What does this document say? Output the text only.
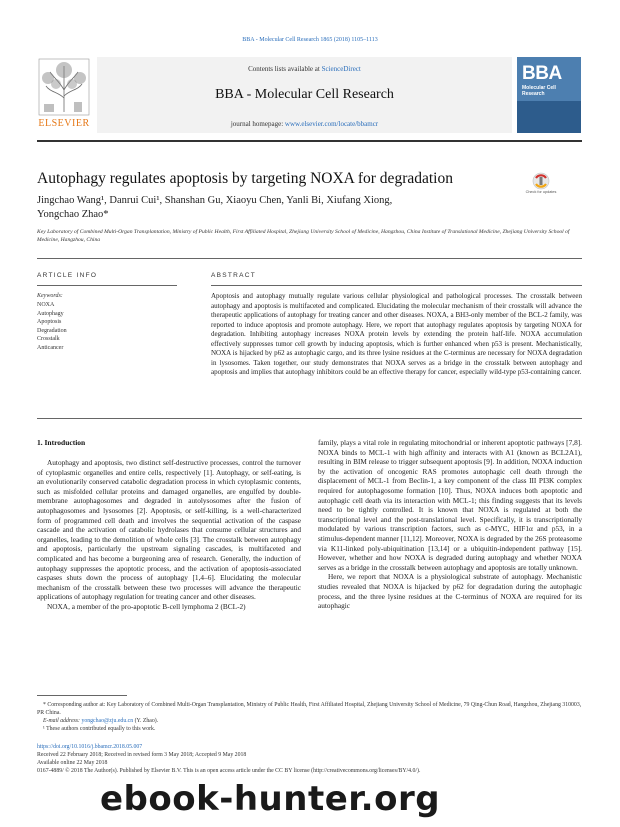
BBA - Molecular Cell Research 1865 (2018) 1105–1113
ELSEVIER
Contents lists available at ScienceDirect
BBA - Molecular Cell Research
journal homepage: www.elsevier.com/locate/bbamcr
BBA
Molecular Cell Research
Autophagy regulates apoptosis by targeting NOXA for degradation
Check for updates
Jingchao Wang¹, Danrui Cui¹, Shanshan Gu, Xiaoyu Chen, Yanli Bi, Xiufang Xiong,
Yongchao Zhao*
Key Laboratory of Combined Multi-Organ Transplantation, Ministry of Public Health, First Affiliated Hospital, Zhejiang University School of Medicine, Hangzhou, China Institute of Translational Medicine, Zhejiang University School of Medicine, Hangzhou, China
ARTICLE INFO
Keywords:
NOXA
Autophagy
Apoptosis
Degradation
Crosstalk
Anticancer
ABSTRACT
Apoptosis and autophagy mutually regulate various cellular physiological and pathological processes. The crosstalk between autophagy and apoptosis is multifaceted and complicated. Elucidating the molecular mechanism of their crosstalk will advance the therapeutic applications of autophagy for treating cancer and other diseases. NOXA, a BH3-only member of the BCL-2 family, was reported to induce apoptosis and promote autophagy. Here, we report that autophagy regulates apoptosis by targeting NOXA for degradation. Inhibiting autophagy increases NOXA protein levels by extending the protein half-life. NOXA accumulation effectively suppresses tumor cell growth by inducing apoptosis, which is further enhanced when p53 is present. Mechanistically, NOXA is hijacked by p62 as autophagic cargo, and its three lysine residues at the C-terminus are necessary for NOXA degradation in lysosomes. Taken together, our study demonstrates that NOXA serves as a bridge in the crosstalk between autophagy and apoptosis and implies that autophagy inhibitors could be an effective therapy for cancer, especially wild-type p53-containing cancer.
1. Introduction

Autophagy and apoptosis, two distinct self-destructive processes, control the turnover of cytoplasmic organelles and entire cells, respectively [1]. Autophagy, or self-eating, is an evolutionarily conserved catabolic degradation process in which cytoplasmic contents, such as misfolded cellular proteins and damaged organelles, are engulfed by double-membrane autophagosomes and degraded in autolysosomes after the fusion of autophagosomes and lysosomes [2]. Apoptosis, or self-killing, is a well-characterized form of programmed cell death and involves the sequential activation of the caspase cascade and the activation of catabolic hydrolases that consume cellular structures and organelles, leading to the demolition of whole cells [3]. The crosstalk between autophagy and apoptosis, particularly the upstream signaling cascades, is multifaceted and complicated and has become a burgeoning area of research. Generally, the induction of autophagy suppresses the apoptotic process, and the activation of apoptosis-associated caspases shuts down the process of autophagy [1,4–6]. Elucidating the molecular mechanism of the crosstalk between these two processes will advance the therapeutic applications of autophagy regulation for treating cancer and other diseases.

NOXA, a member of the pro-apoptotic B-cell lymphoma 2 (BCL-2)

family, plays a vital role in regulating mitochondrial or inherent apoptotic pathways [7,8]. NOXA binds to MCL-1 with high affinity and interacts with A1 (known as BCL2A1), resulting in BIM release to trigger subsequent apoptosis [9]. In addition, NOXA induction by the activation of oncogenic RAS promotes autophagic cell death through the displacement of MCL-1 from Beclin-1, a key component of the class III PI3K complex required for autophagosome formation [10]. Thus, NOXA induces both apoptotic and autophagic cell death via its interaction with MCL-1; this finding suggests that its levels need to be tightly controlled. It is known that NOXA is regulated at both the transcriptional level and the post-translational level. Specifically, it is transcriptionally modulated by various transcription factors, such as c-MYC, HIF1α and p53, in a stimulus-dependent manner [11,12]. Moreover, NOXA is degraded by the 26S proteasome via K11-linked poly-ubiquitination [13,14] or a ubiquitin-independent pathway [15]. However, whether and how NOXA is degraded during autophagy and whether NOXA serves as a bridge in the crosstalk between autophagy and apoptosis are totally unknown.

Here, we report that NOXA is a physiological substrate of autophagy. Mechanistic studies revealed that NOXA is hijacked by p62 for degradation during the autophagic process, and the three lysine residues at the C-terminus of NOXA are required for its autophagic

* Corresponding author at: Key Laboratory of Combined Multi-Organ Transplantation, Ministry of Public Health, First Affiliated Hospital, Zhejiang University School of Medicine, 79 Qing-Chun Road, Hangzhou, Zhejiang 310003, PR China.

E-mail address: yongchao@zju.edu.cn (Y. Zhao).

¹ These authors contributed equally to this work.

https://doi.org/10.1016/j.bbamcr.2018.05.007
Received 22 February 2018; Received in revised form 3 May 2018; Accepted 9 May 2018
Available online 22 May 2018
0167-4889/ © 2018 The Author(s). Published by Elsevier B.V. This is an open access article under the CC BY license (http://creativecommons.org/licenses/BY/4.0/).
ebook-hunter.org
